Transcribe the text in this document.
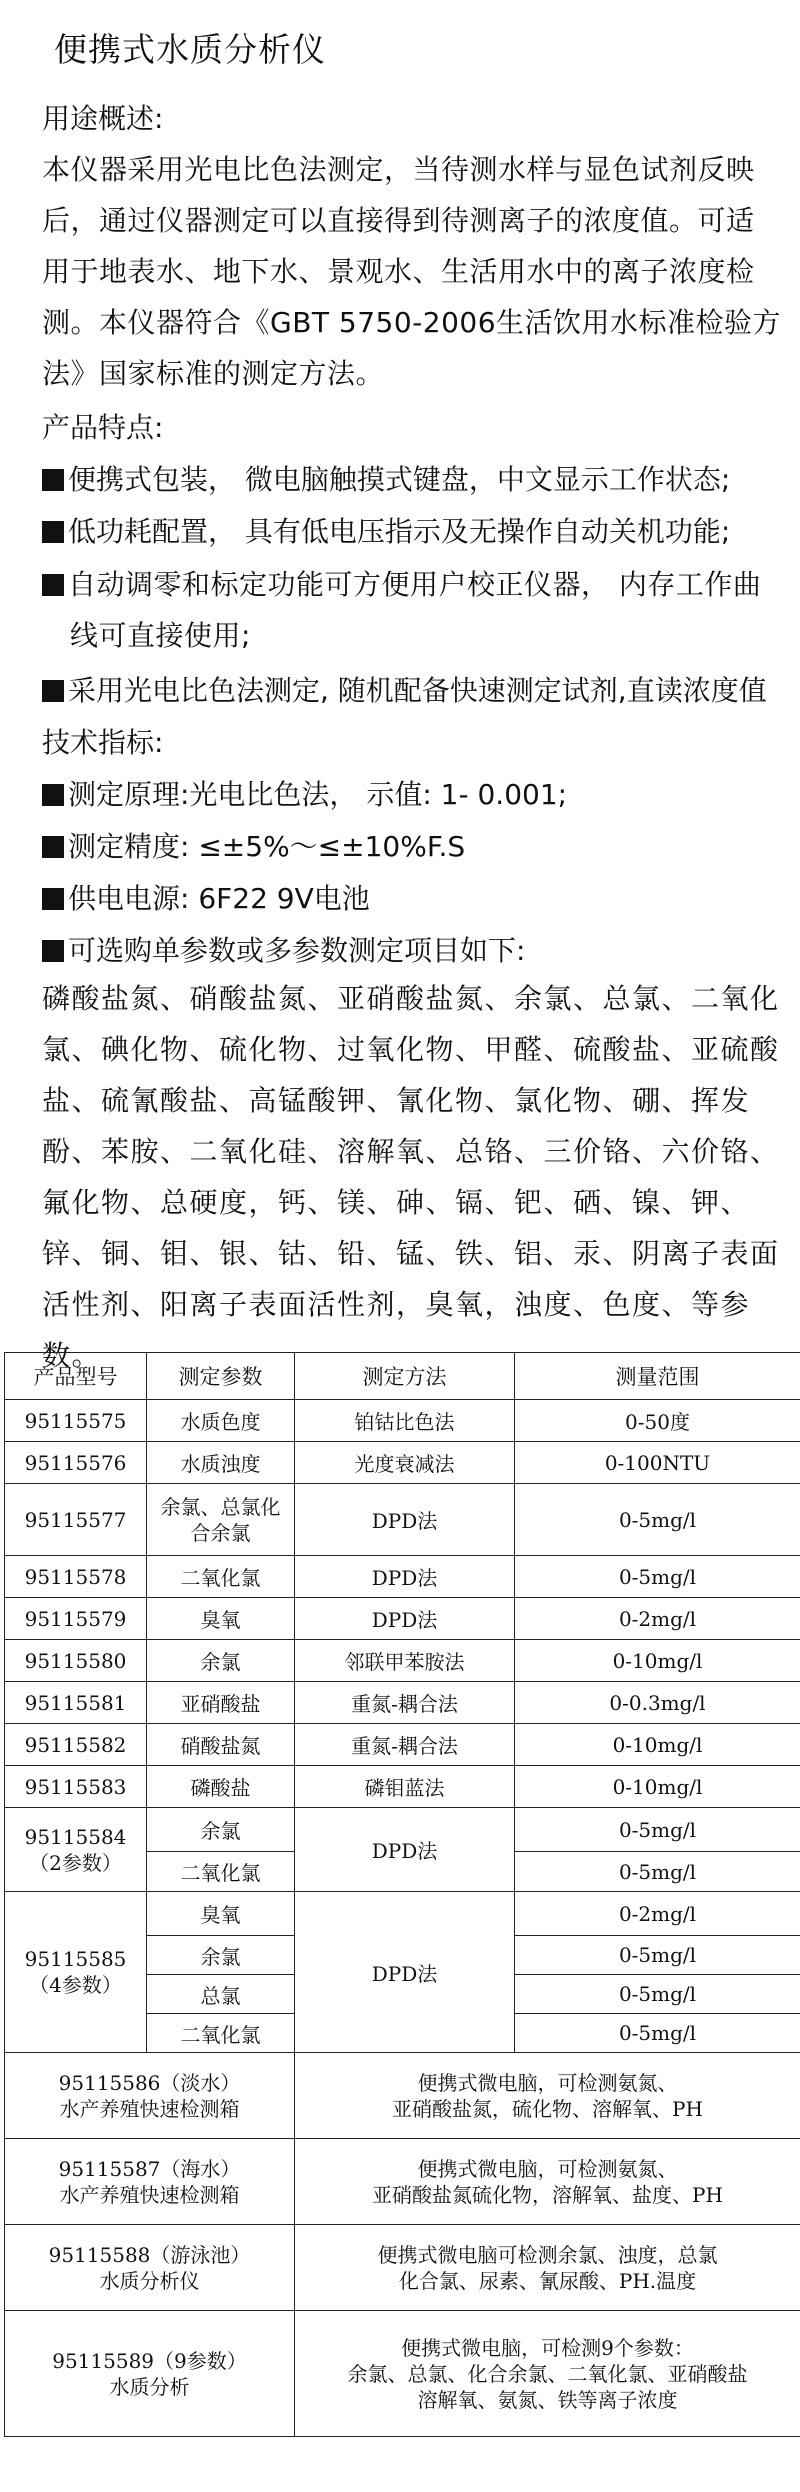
便携式水质分析仪
用途概述:
本仪器采用光电比色法测定，当待测水样与显色试剂反映后，通过仪器测定可以直接得到待测离子的浓度值。可适用于地表水、地下水、景观水、生活用水中的离子浓度检测。本仪器符合《GBT 5750-2006生活饮用水标准检验方法》国家标准的测定方法。
产品特点:
便携式包装， 微电脑触摸式键盘，中文显示工作状态;
低功耗配置， 具有低电压指示及无操作自动关机功能;
自动调零和标定功能可方便用户校正仪器， 内存工作曲线可直接使用;
采用光电比色法测定, 随机配备快速测定试剂,直读浓度值
技术指标:
测定原理:光电比色法， 示值: 1- 0.001;
测定精度: ≤±5%～≤±10%F.S
供电电源: 6F22 9V电池
可选购单参数或多参数测定项目如下:
磷酸盐氮、硝酸盐氮、亚硝酸盐氮、余氯、总氯、二氧化氯、碘化物、硫化物、过氧化物、甲醛、硫酸盐、亚硫酸盐、硫氰酸盐、高锰酸钾、氰化物、氯化物、硼、挥发酚、苯胺、二氧化硅、溶解氧、总铬、三价铬、六价铬、氟化物、总硬度，钙、镁、砷、镉、钯、硒、镍、钾、锌、铜、钼、银、钴、铅、锰、铁、铝、汞、阴离子表面活性剂、阳离子表面活性剂，臭氧，浊度、色度、等参数。
产品型号	测定参数	测定方法	测量范围
95115575	水质色度	铂钴比色法	0-50度
95115576	水质浊度	光度衰减法	0-100NTU
95115577	余氯、总氯化合余氯	DPD法	0-5mg/l
95115578	二氧化氯	DPD法	0-5mg/l
95115579	臭氧	DPD法	0-2mg/l
95115580	余氯	邻联甲苯胺法	0-10mg/l
95115581	亚硝酸盐	重氮-耦合法	0-0.3mg/l
95115582	硝酸盐氮	重氮-耦合法	0-10mg/l
95115583	磷酸盐	磷钼蓝法	0-10mg/l
95115584
（2参数）	余氯	DPD法	0-5mg/l
	二氧化氯		0-5mg/l
95115585
（4参数）	臭氧	DPD法	0-2mg/l
	余氯		0-5mg/l
	总氯		0-5mg/l
	二氧化氯		0-5mg/l
95115586（淡水）
水产养殖快速检测箱		便携式微电脑，可检测氨氮、
亚硝酸盐氮，硫化物、溶解氧、PH	
95115587（海水）
水产养殖快速检测箱		便携式微电脑，可检测氨氮、
亚硝酸盐氮硫化物，溶解氧、盐度、PH	
95115588（游泳池）
水质分析仪		便携式微电脑可检测余氯、浊度，总氯
化合氯、尿素、氰尿酸、PH.温度	
95115589（9参数）
水质分析		便携式微电脑，可检测9个参数：
余氯、总氯、化合余氯、二氧化氯、亚硝酸盐
溶解氧、氨氮、铁等离子浓度	
